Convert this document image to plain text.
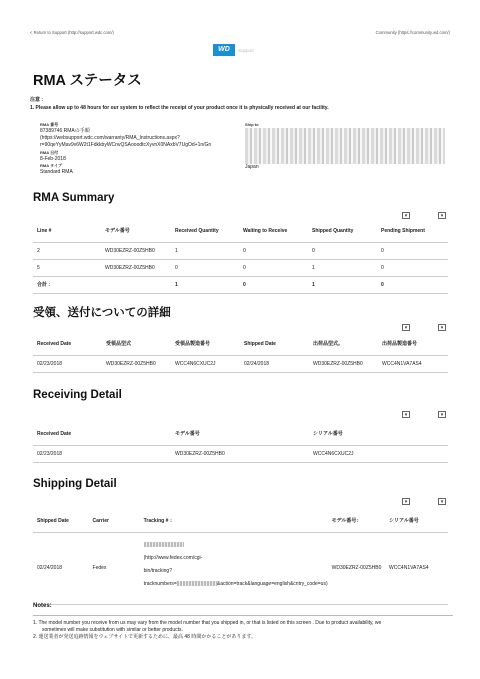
< Return to Support (http://support.wdc.com/)	Community (https://community.wd.com/)
WD	Support
RMA ステータス
注意 :
1. Please allow up to 48 hours for our system to reflect the receipt of your product once it is physically received at our facility.
RMA 番号
87389746 RMAの手順
(https://websupport.wdc.com/warranty/RMA_Instructions.aspx?
r=90qeYyMav9v6W2t1FdkkbyWCnvQSAooodtcXyvnX0NAxbV7UgOd+1n/Gn
RMA 日付
8-Feb-2018
RMA タイプ
Standard RMA
Ship to
Japan
RMA Summary
▾	▾
Line #	モデル番号	Received Quantity	Waiting to Receive	Shipped Quantity	Pending Shipment
2	WD30EZRZ-00Z5HB0	1	0	0	0
5	WD30EZRZ-00Z5HB0	0	0	1	0
合計 :		1	0	1	0
受領、送付についての詳細
▾	▾
Received Date	受領品型式	受領品製造番号	Shipped Date	出荷品型式。	出荷品製造番号
02/23/2018	WD30EZRZ-00Z5HB0	WCC4N6CXUC2J	02/24/2018	WD30EZRZ-00Z5HB0	WCC4N1VA7AS4
Receiving Detail
▾	▾
Received Date	モデル番号	シリアル番号
02/23/2018	WD30EZRZ-00Z5HB0	WCC4N6CXUC2J
Shipping Detail
▾	▾
Shipped Date	Carrier	Tracking # ↕	モデル番号↕	シリアル番号
02/24/2018	Fedex	(http://www.fedex.com/cgi-
bin/tracking?
tracknumbers= &action=track&language=english&cntry_code=us)	WD30EZRZ-00Z5HB0	WCC4N1VA7AS4
Notes:
1. The model number you receive from us may vary from the model number that you shipped in, or that is listed on this screen . Due to product availability, we
sometimes will make substitution with similar or better products.
2. 運送業者が発送追跡情報をウェブサイトで更新するために、最高 48 時間かかることがあります。
